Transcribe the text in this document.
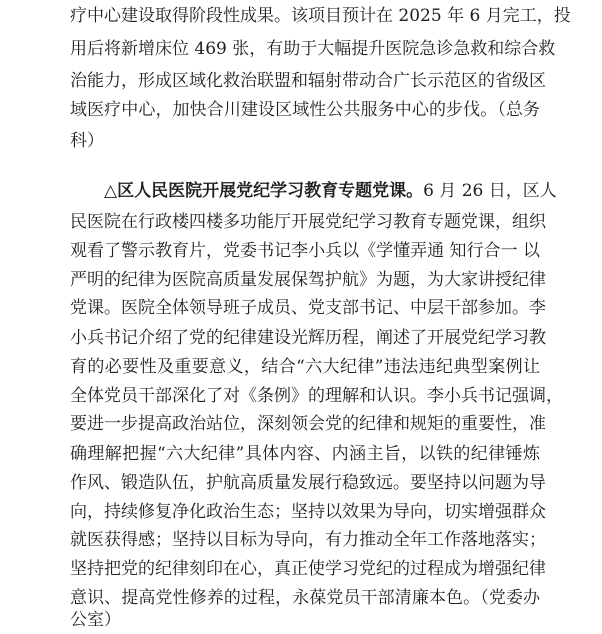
疗中心建设取得阶段性成果。该项目预计在 2025 年 6 月完工，投
用后将新增床位 469 张，有助于大幅提升医院急诊急救和综合救
治能力，形成区域化救治联盟和辐射带动合广长示范区的省级区
域医疗中心，加快合川建设区域性公共服务中心的步伐。（总务
科）
△区人民医院开展党纪学习教育专题党课。6 月 26 日，区人
民医院在行政楼四楼多功能厅开展党纪学习教育专题党课，组织
观看了警示教育片，党委书记李小兵以《学懂弄通 知行合一 以
严明的纪律为医院高质量发展保驾护航》为题，为大家讲授纪律
党课。医院全体领导班子成员、党支部书记、中层干部参加。李
小兵书记介绍了党的纪律建设光辉历程，阐述了开展党纪学习教
育的必要性及重要意义，结合“六大纪律”违法违纪典型案例让
全体党员干部深化了对《条例》的理解和认识。李小兵书记强调，
要进一步提高政治站位，深刻领会党的纪律和规矩的重要性，准
确理解把握“六大纪律”具体内容、内涵主旨，以铁的纪律锤炼
作风、锻造队伍，护航高质量发展行稳致远。要坚持以问题为导
向，持续修复净化政治生态；坚持以效果为导向，切实增强群众
就医获得感；坚持以目标为导向，有力推动全年工作落地落实；
坚持把党的纪律刻印在心，真正使学习党纪的过程成为增强纪律
意识、提高党性修养的过程，永葆党员干部清廉本色。（党委办
公室）
